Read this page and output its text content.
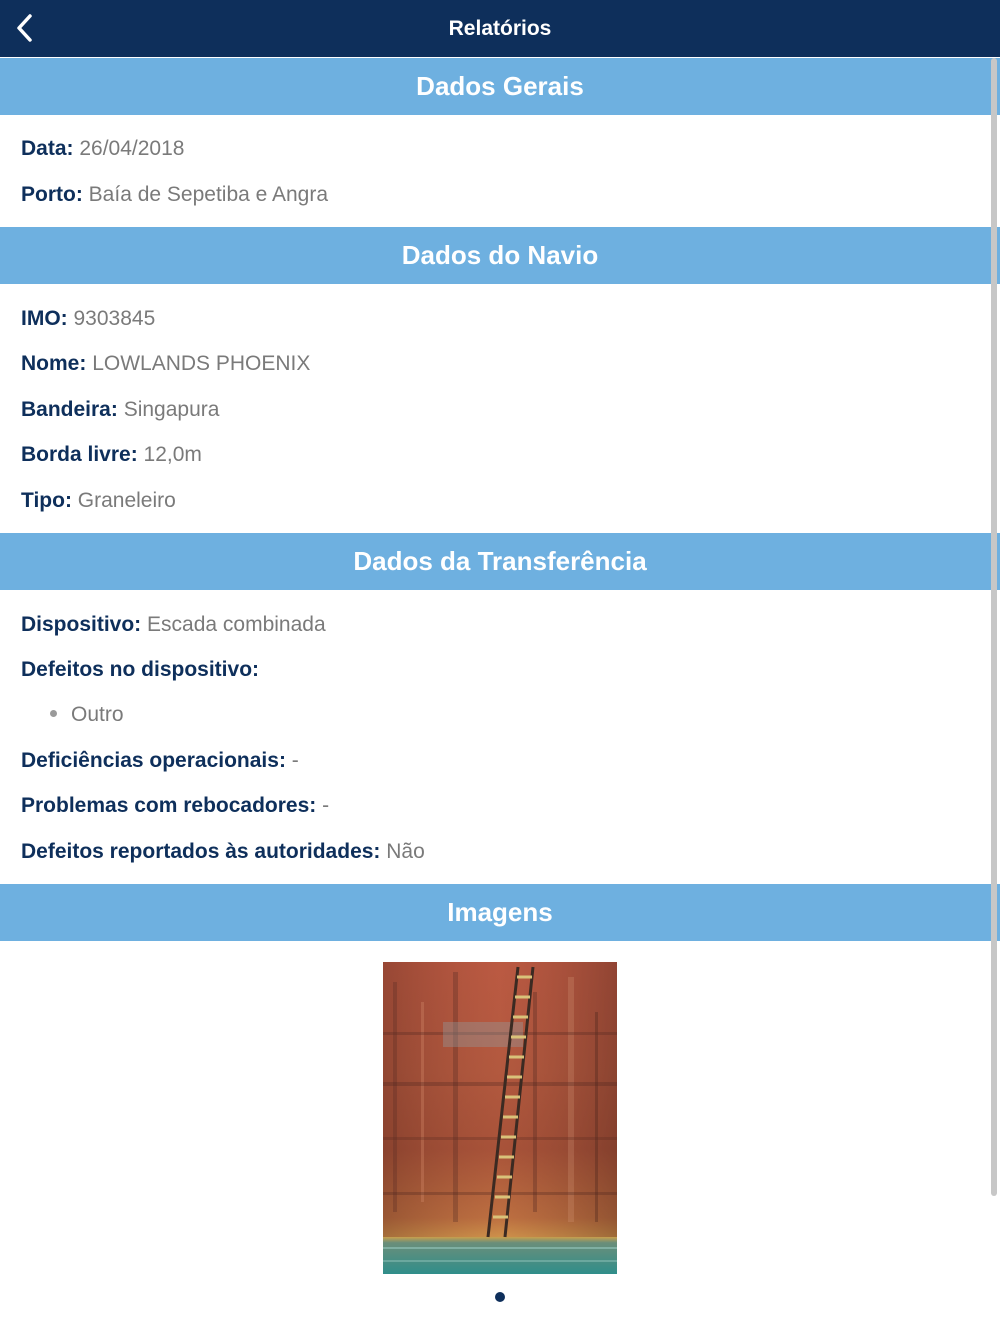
Relatórios
Dados Gerais
Data: 26/04/2018
Porto: Baía de Sepetiba e Angra
Dados do Navio
IMO: 9303845
Nome: LOWLANDS PHOENIX
Bandeira: Singapura
Borda livre: 12,0m
Tipo: Graneleiro
Dados da Transferência
Dispositivo: Escada combinada
Defeitos no dispositivo:
Outro
Deficiências operacionais: -
Problemas com rebocadores: -
Defeitos reportados às autoridades: Não
Imagens
